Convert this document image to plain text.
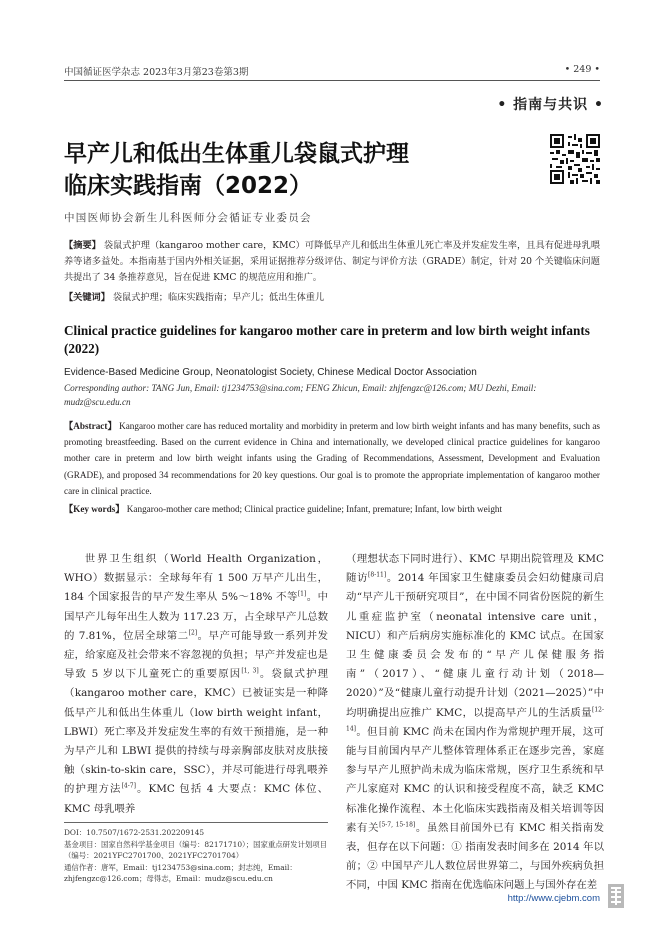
中国循证医学杂志 2023年3月第23卷第3期	• 249 •
• 指南与共识 •
早产儿和低出生体重儿袋鼠式护理
临床实践指南（2022）
中国医师协会新生儿科医师分会循证专业委员会
【摘要】 袋鼠式护理（kangaroo mother care，KMC）可降低早产儿和低出生体重儿死亡率及并发症发生率，且具有促进母乳喂养等诸多益处。本指南基于国内外相关证据，采用证据推荐分级评估、制定与评价方法（GRADE）制定，针对 20 个关键临床问题共提出了 34 条推荐意见，旨在促进 KMC 的规范应用和推广。
【关键词】 袋鼠式护理；临床实践指南；早产儿；低出生体重儿
Clinical practice guidelines for kangaroo mother care in preterm and low birth weight infants (2022)
Evidence-Based Medicine Group, Neonatologist Society, Chinese Medical Doctor Association
Corresponding author: TANG Jun, Email: tj1234753@sina.com; FENG Zhicun, Email: zhjfengzc@126.com; MU Dezhi, Email: mudz@scu.edu.cn
【Abstract】 Kangaroo mother care has reduced mortality and morbidity in preterm and low birth weight infants and has many benefits, such as promoting breastfeeding. Based on the current evidence in China and internationally, we developed clinical practice guidelines for kangaroo mother care in preterm and low birth weight infants using the Grading of Recommendations, Assessment, Development and Evaluation (GRADE), and proposed 34 recommendations for 20 key questions. Our goal is to promote the appropriate implementation of kangaroo mother care in clinical practice.
【Key words】 Kangaroo-mother care method; Clinical practice guideline; Infant, premature; Infant, low birth weight
世界卫生组织（World Health Organization，WHO）数据显示：全球每年有 1 500 万早产儿出生，184 个国家报告的早产发生率从 5%～18% 不等[1]。中国早产儿每年出生人数为 117.23 万，占全球早产儿总数的 7.81%，位居全球第二[2]。早产可能导致一系列并发症，给家庭及社会带来不容忽视的负担；早产并发症也是导致 5 岁以下儿童死亡的重要原因[1, 3]。袋鼠式护理（kangaroo mother care，KMC）已被证实是一种降低早产儿和低出生体重儿（low birth weight infant，LBWI）死亡率及并发症发生率的有效干预措施，是一种为早产儿和 LBWI 提供的持续与母亲胸部皮肤对皮肤接触（skin-to-skin care，SSC），并尽可能进行母乳喂养的护理方法[4-7]。KMC 包括 4 大要点：KMC 体位、KMC 母乳喂养
（理想状态下同时进行）、KMC 早期出院管理及 KMC 随访[8-11]。2014 年国家卫生健康委员会妇幼健康司启动“早产儿干预研究项目”，在中国不同省份医院的新生儿重症监护室（neonatal intensive care unit，NICU）和产后病房实施标准化的 KMC 试点。在国家卫生健康委员会发布的“早产儿保健服务指南”（2017）、“健康儿童行动计划（2018—2020）”及“健康儿童行动提升计划（2021—2025）”中均明确提出应推广 KMC，以提高早产儿的生活质量[12-14]。但目前 KMC 尚未在国内作为常规护理开展，这可能与目前国内早产儿整体管理体系正在逐步完善，家庭参与早产儿照护尚未成为临床常规，医疗卫生系统和早产儿家庭对 KMC 的认识和接受程度不高，缺乏 KMC 标准化操作流程、本土化临床实践指南及相关培训等因素有关[5-7, 15-18]。虽然目前国外已有 KMC 相关指南发表，但存在以下问题：① 指南发表时间多在 2014 年以前；② 中国早产儿人数位居世界第二，与国外疾病负担不同，中国 KMC 指南在优选临床问题上与国外存在差
DOI：10.7507/1672-2531.202209145
基金项目：国家自然科学基金项目（编号：82171710）；国家重点研发计划项目（编号：2021YFC2701700、2021YFC2701704）
通信作者：唐军，Email：tj1234753@sina.com；封志纯，Email：zhjfengzc@126.com；母得志，Email：mudz@scu.edu.cn
http://www.cjebm.com
